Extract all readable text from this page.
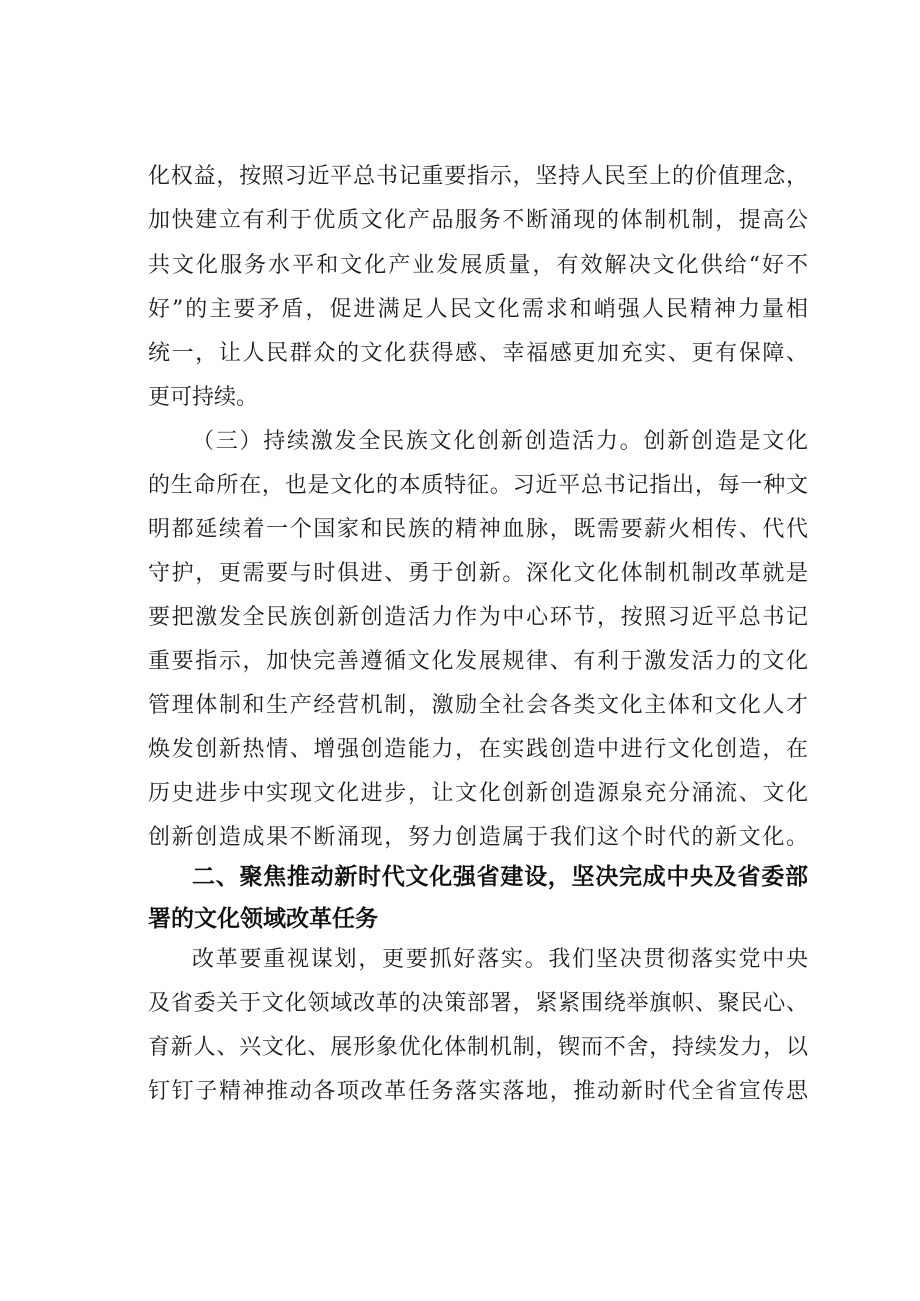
化权益，按照习近平总书记重要指示，坚持人民至上的价值理念，

加快建立有利于优质文化产品服务不断涌现的体制机制，提高公

共文化服务水平和文化产业发展质量，有效解决文化供给“好不

好”的主要矛盾，促进满足人民文化需求和峭强人民精神力量相

统一，让人民群众的文化获得感、幸福感更加充实、更有保障、

更可持续。

（三）持续激发全民族文化创新创造活力。创新创造是文化

的生命所在，也是文化的本质特征。习近平总书记指出，每一种文

明都延续着一个国家和民族的精神血脉，既需要薪火相传、代代

守护，更需要与时俱进、勇于创新。深化文化体制机制改革就是

要把激发全民族创新创造活力作为中心环节，按照习近平总书记

重要指示，加快完善遵循文化发展规律、有利于激发活力的文化

管理体制和生产经营机制，激励全社会各类文化主体和文化人才

焕发创新热情、增强创造能力，在实践创造中进行文化创造，在

历史进步中实现文化进步，让文化创新创造源泉充分涌流、文化

创新创造成果不断涌现，努力创造属于我们这个时代的新文化。

二、聚焦推动新时代文化强省建设，坚决完成中央及省委部

署的文化领域改革任务

改革要重视谋划，更要抓好落实。我们坚决贯彻落实党中央

及省委关于文化领域改革的决策部署，紧紧围绕举旗帜、聚民心、

育新人、兴文化、展形象优化体制机制，锲而不舍，持续发力，以

钉钉子精神推动各项改革任务落实落地，推动新时代全省宣传思
